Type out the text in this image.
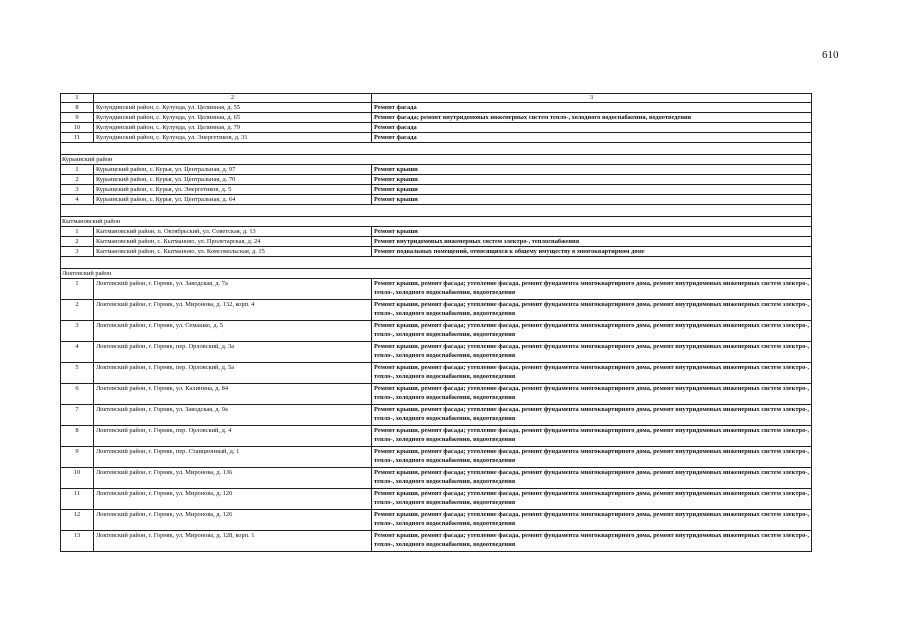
610
1	2	3
8	Кулундинский район, с. Кулунда, ул. Целинная, д. 55	Ремонт фасада
9	Кулундинский район, с. Кулунда, ул. Целинная, д. 65	Ремонт фасада; ремонт внутридомовых инженерных систем тепло-, холодного водоснабжения, водоотведения
10	Кулундинский район, с. Кулунда, ул. Целинная, д. 79	Ремонт фасада
11	Кулундинский район, с. Кулунда, ул. Энергетиков, д. 31	Ремонт фасада

Курьинский район		
1	Курьинский район, с. Курья, ул. Центральная, д. 97	Ремонт крыши
2	Курьинский район, с. Курья, ул. Центральная, д. 70	Ремонт крыши
3	Курьинский район, с. Курья, ул. Энергетиков, д. 5	Ремонт крыши
4	Курьинский район, с. Курья, ул. Центральная, д. 64	Ремонт крыши

Кытмановский район		
1	Кытмановский район, п. Октябрьский, ул. Советская, д. 13	Ремонт крыши
2	Кытмановский район, с. Кытманово, ул. Пролетарская, д. 24	Ремонт внутридомовых инженерных систем электро-, теплоснабжения
3	Кытмановский район, с. Кытманово, ул. Комсомольская, д. 15	Ремонт подвальных помещений, относящихся к общему имуществу в многоквартирном доме

Локтевский район		
1	Локтевский район, г. Горняк, ул. Заводская, д. 7а	Ремонт крыши, ремонт фасада; утепление фасада, ремонт фундамента многоквартирного дома, ремонт внутридомовых инженерных систем электро-, тепло-, холодного водоснабжения, водоотведения
2	Локтевский район, г. Горняк, ул. Миронова, д. 132, корп. 4	Ремонт крыши, ремонт фасада; утепление фасада, ремонт фундамента многоквартирного дома, ремонт внутридомовых инженерных систем электро-, тепло-, холодного водоснабжения, водоотведения
3	Локтевский район, г. Горняк, ул. Семашко, д. 5	Ремонт крыши, ремонт фасада; утепление фасада, ремонт фундамента многоквартирного дома, ремонт внутридомовых инженерных систем электро-, тепло-, холодного водоснабжения, водоотведения
4	Локтевский район, г. Горняк, пер. Орловский, д. 3а	Ремонт крыши, ремонт фасада; утепление фасада, ремонт фундамента многоквартирного дома, ремонт внутридомовых инженерных систем электро-, тепло-, холодного водоснабжения, водоотведения
5	Локтевский район, г. Горняк, пер. Орловский, д. 5а	Ремонт крыши, ремонт фасада; утепление фасада, ремонт фундамента многоквартирного дома, ремонт внутридомовых инженерных систем электро-, тепло-, холодного водоснабжения, водоотведения
6	Локтевский район, г. Горняк, ул. Калинина, д. 84	Ремонт крыши, ремонт фасада; утепление фасада, ремонт фундамента многоквартирного дома, ремонт внутридомовых инженерных систем электро-, тепло-, холодного водоснабжения, водоотведения
7	Локтевский район, г. Горняк, ул. Заводская, д. 9а	Ремонт крыши, ремонт фасада; утепление фасада, ремонт фундамента многоквартирного дома, ремонт внутридомовых инженерных систем электро-, тепло-, холодного водоснабжения, водоотведения
8	Локтевский район, г. Горняк, пер. Орловский, д. 4	Ремонт крыши, ремонт фасада; утепление фасада, ремонт фундамента многоквартирного дома, ремонт внутридомовых инженерных систем электро-, тепло-, холодного водоснабжения, водоотведения
9	Локтевский район, г. Горняк, пер. Станционный, д. 1	Ремонт крыши, ремонт фасада; утепление фасада, ремонт фундамента многоквартирного дома, ремонт внутридомовых инженерных систем электро-, тепло-, холодного водоснабжения, водоотведения
10	Локтевский район, г. Горняк, ул. Миронова, д. 136	Ремонт крыши, ремонт фасада; утепление фасада, ремонт фундамента многоквартирного дома, ремонт внутридомовых инженерных систем электро-, тепло-, холодного водоснабжения, водоотведения
11	Локтевский район, г. Горняк, ул. Миронова, д. 120	Ремонт крыши, ремонт фасада; утепление фасада, ремонт фундамента многоквартирного дома, ремонт внутридомовых инженерных систем электро-, тепло-, холодного водоснабжения, водоотведения
12	Локтевский район, г. Горняк, ул. Миронова, д. 126	Ремонт крыши, ремонт фасада; утепление фасада, ремонт фундамента многоквартирного дома, ремонт внутридомовых инженерных систем электро-, тепло-, холодного водоснабжения, водоотведения
13	Локтевский район, г. Горняк, ул. Миронова, д. 128, корп. 1	Ремонт крыши, ремонт фасада; утепление фасада, ремонт фундамента многоквартирного дома, ремонт внутридомовых инженерных систем электро-, тепло-, холодного водоснабжения, водоотведения
